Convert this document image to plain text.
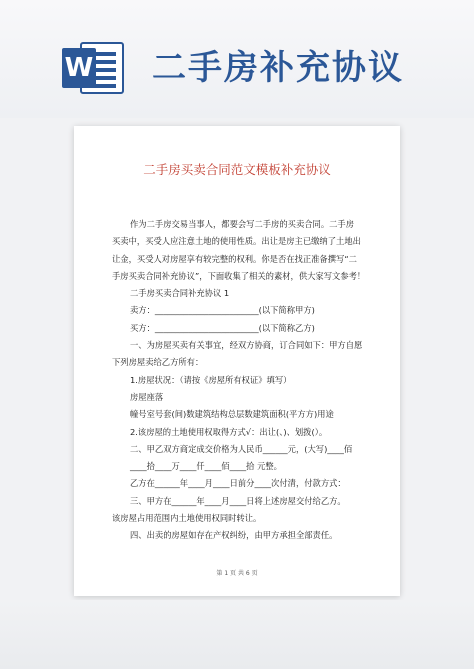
W 二手房补充协议
二手房买卖合同范文模板补充协议

作为二手房交易当事人，都要会写二手房的买卖合同。二手房

买卖中，买受人应注意土地的使用性质。出让是房主已缴纳了土地出

让金，买受人对房屋享有较完整的权利。你是否在找正准备撰写“二

手房买卖合同补充协议”，下面收集了相关的素材，供大家写文参考！

二手房买卖合同补充协议 1

卖方：_________________________(以下简称甲方)

买方：_________________________(以下简称乙方)

一、为房屋买卖有关事宜，经双方协商，订合同如下：甲方自愿

下列房屋卖给乙方所有：

1.房屋状况：（请按《房屋所有权证》填写）

房屋座落

幢号室号套(间)数建筑结构总层数建筑面积(平方方)用途

2.该房屋的土地使用权取得方式√：出让(、)、划拨(）。

二、甲乙双方商定成交价格为人民币______元，(大写)____佰

____拾____万____仟____佰____拾 元整。

乙方在______年____月____日前分____次付清，付款方式：

三、甲方在______年____月____日将上述房屋交付给乙方。

该房屋占用范围内土地使用权同时转让。

四、出卖的房屋如存在产权纠纷，由甲方承担全部责任。

第 1 页 共 6 页
